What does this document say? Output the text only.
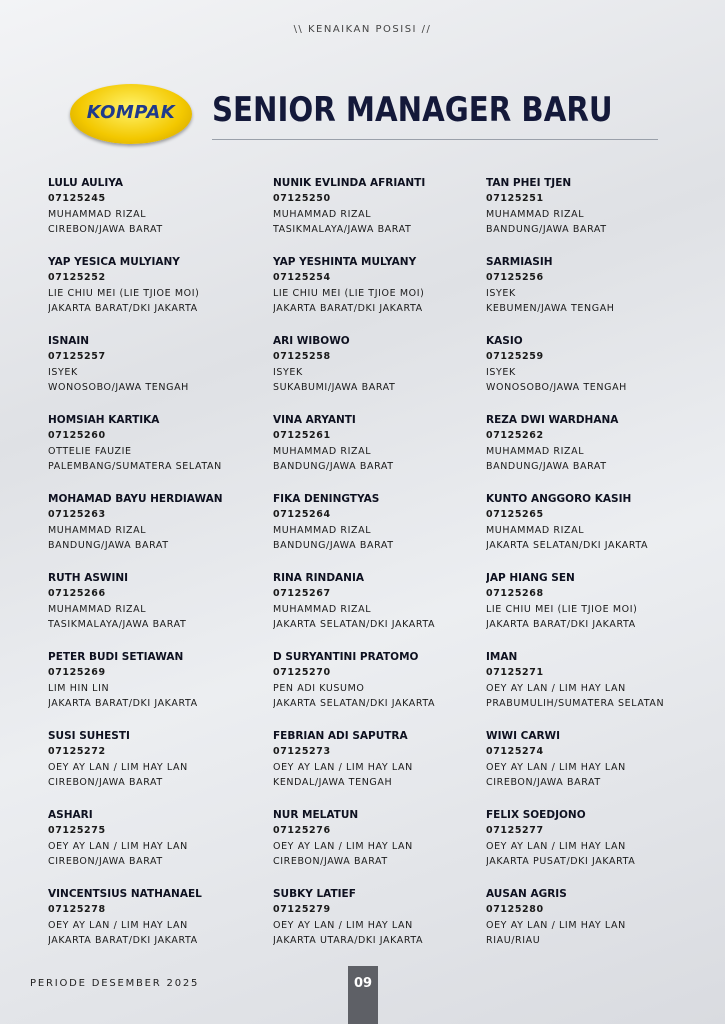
\\ KENAIKAN POSISI //
KOMPAK	SENIOR MANAGER BARU
LULU AULIYA
07125245
MUHAMMAD RIZAL
CIREBON/JAWA BARAT
NUNIK EVLINDA AFRIANTI
07125250
MUHAMMAD RIZAL
TASIKMALAYA/JAWA BARAT
TAN PHEI TJEN
07125251
MUHAMMAD RIZAL
BANDUNG/JAWA BARAT
YAP YESICA MULYIANY
07125252
LIE CHIU MEI (LIE TJIOE MOI)
JAKARTA BARAT/DKI JAKARTA
YAP YESHINTA MULYANY
07125254
LIE CHIU MEI (LIE TJIOE MOI)
JAKARTA BARAT/DKI JAKARTA
SARMIASIH
07125256
ISYEK
KEBUMEN/JAWA TENGAH
ISNAIN
07125257
ISYEK
WONOSOBO/JAWA TENGAH
ARI WIBOWO
07125258
ISYEK
SUKABUMI/JAWA BARAT
KASIO
07125259
ISYEK
WONOSOBO/JAWA TENGAH
HOMSIAH KARTIKA
07125260
OTTELIE FAUZIE
PALEMBANG/SUMATERA SELATAN
VINA ARYANTI
07125261
MUHAMMAD RIZAL
BANDUNG/JAWA BARAT
REZA DWI WARDHANA
07125262
MUHAMMAD RIZAL
BANDUNG/JAWA BARAT
MOHAMAD BAYU HERDIAWAN
07125263
MUHAMMAD RIZAL
BANDUNG/JAWA BARAT
FIKA DENINGTYAS
07125264
MUHAMMAD RIZAL
BANDUNG/JAWA BARAT
KUNTO ANGGORO KASIH
07125265
MUHAMMAD RIZAL
JAKARTA SELATAN/DKI JAKARTA
RUTH ASWINI
07125266
MUHAMMAD RIZAL
TASIKMALAYA/JAWA BARAT
RINA RINDANIA
07125267
MUHAMMAD RIZAL
JAKARTA SELATAN/DKI JAKARTA
JAP HIANG SEN
07125268
LIE CHIU MEI (LIE TJIOE MOI)
JAKARTA BARAT/DKI JAKARTA
PETER BUDI SETIAWAN
07125269
LIM HIN LIN
JAKARTA BARAT/DKI JAKARTA
D SURYANTINI PRATOMO
07125270
PEN ADI KUSUMO
JAKARTA SELATAN/DKI JAKARTA
IMAN
07125271
OEY AY LAN / LIM HAY LAN
PRABUMULIH/SUMATERA SELATAN
SUSI SUHESTI
07125272
OEY AY LAN / LIM HAY LAN
CIREBON/JAWA BARAT
FEBRIAN ADI SAPUTRA
07125273
OEY AY LAN / LIM HAY LAN
KENDAL/JAWA TENGAH
WIWI CARWI
07125274
OEY AY LAN / LIM HAY LAN
CIREBON/JAWA BARAT
ASHARI
07125275
OEY AY LAN / LIM HAY LAN
CIREBON/JAWA BARAT
NUR MELATUN
07125276
OEY AY LAN / LIM HAY LAN
CIREBON/JAWA BARAT
FELIX SOEDJONO
07125277
OEY AY LAN / LIM HAY LAN
JAKARTA PUSAT/DKI JAKARTA
VINCENTSIUS NATHANAEL
07125278
OEY AY LAN / LIM HAY LAN
JAKARTA BARAT/DKI JAKARTA
SUBKY LATIEF
07125279
OEY AY LAN / LIM HAY LAN
JAKARTA UTARA/DKI JAKARTA
AUSAN AGRIS
07125280
OEY AY LAN / LIM HAY LAN
RIAU/RIAU
PERIODE DESEMBER 2025	09
